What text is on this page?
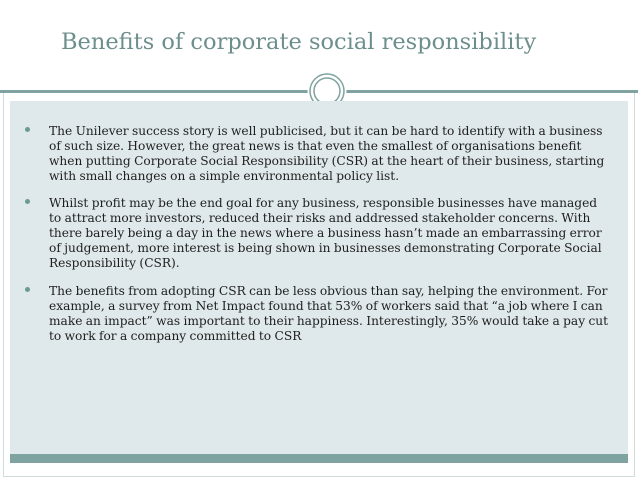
Benefits of corporate social responsibility
The Unilever success story is well publicised, but it can be hard to identify with a business of such size. However, the great news is that even the smallest of organisations benefit when putting Corporate Social Responsibility (CSR) at the heart of their business, starting with small changes on a simple environmental policy list.
Whilst profit may be the end goal for any business, responsible businesses have managed to attract more investors, reduced their risks and addressed stakeholder concerns. With there barely being a day in the news where a business hasn’t made an embarrassing error of judgement, more interest is being shown in businesses demonstrating Corporate Social Responsibility (CSR).
The benefits from adopting CSR can be less obvious than say, helping the environment. For example, a survey from Net Impact found that 53% of workers said that “a job where I can make an impact” was important to their happiness. Interestingly, 35% would take a pay cut to work for a company committed to CSR
